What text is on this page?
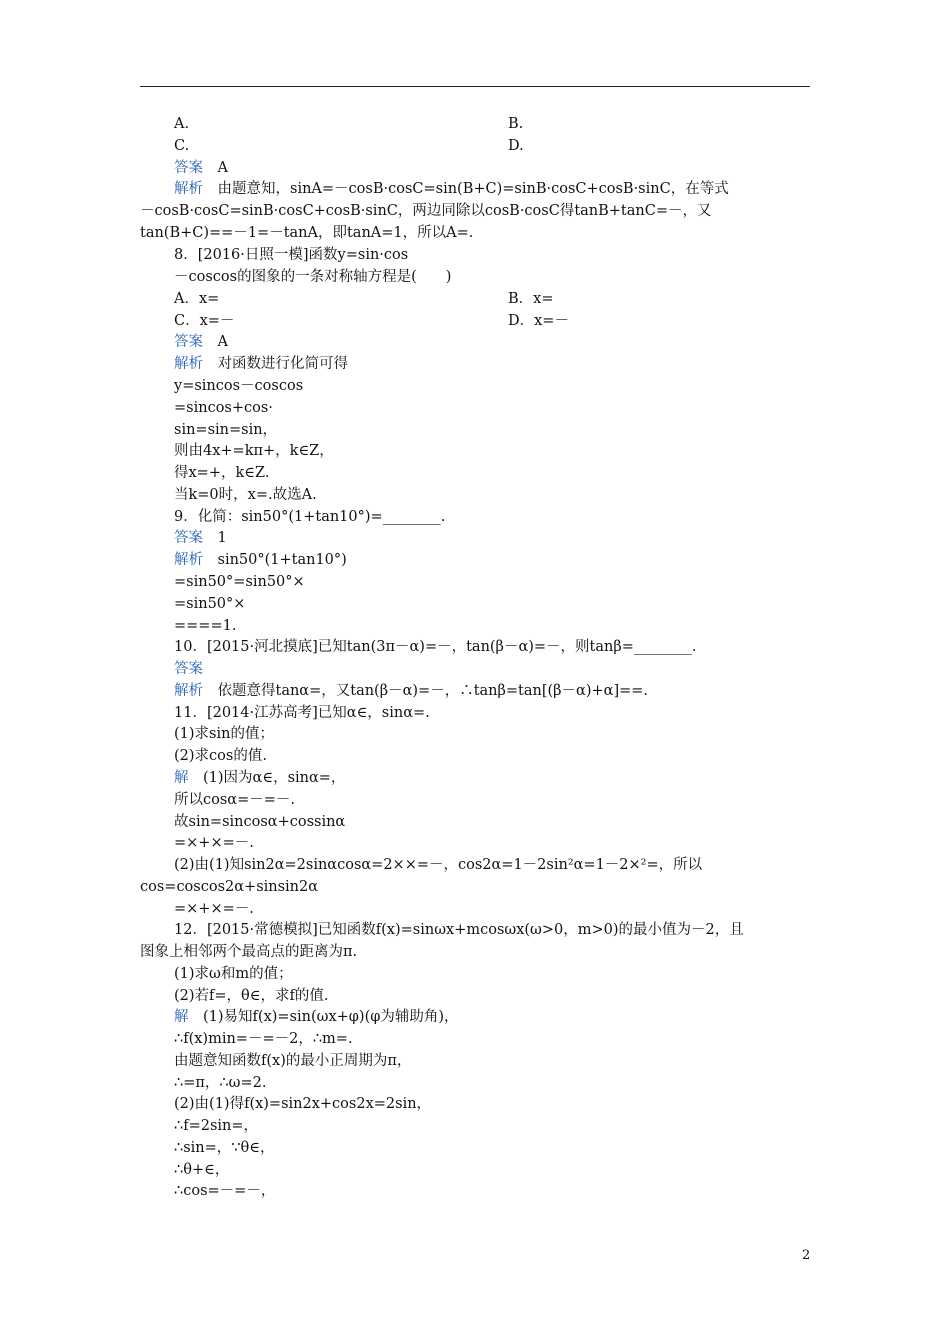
A.	B.
C.	D.
答案　 A
解析　 由题意知，sinA=－cosB·cosC=sin(B+C)=sinB·cosC+cosB·sinC，在等式
－cosB·cosC=sinB·cosC+cosB·sinC，两边同除以cosB·cosC得tanB+tanC=－，又
tan(B+C)==－1=－tanA，即tanA=1，所以A=.
8．[2016·日照一模]函数y=sin·cos
－coscos的图象的一条对称轴方程是(　　)
A．x=	B．x=
C．x=－	D．x=－
答案　 A
解析　 对函数进行化简可得
y=sincos－coscos
=sincos+cos·
sin=sin=sin，
则由4x+=kπ+，k∈Z，
得x=+，k∈Z.
当k=0时，x=.故选A.
9．化简：sin50°(1+tan10°)=________.
答案　 1
解析　 sin50°(1+tan10°)
=sin50°=sin50°×
=sin50°×
====1.
10．[2015·河北摸底]已知tan(3π－α)=－，tan(β－α)=－，则tanβ=________.
答案　
解析　 依题意得tanα=，又tan(β－α)=－，∴tanβ=tan[(β－α)+α]==.
11．[2014·江苏高考]已知α∈，sinα=.
(1)求sin的值；
(2)求cos的值.
解　 (1)因为α∈，sinα=，
所以cosα=－=－.
故sin=sincosα+cossinα
=×+×=－.
(2)由(1)知sin2α=2sinαcosα=2××=－，cos2α=1－2sin²α=1－2×²=，所以
cos=coscos2α+sinsin2α
=×+×=－.
12．[2015·常德模拟]已知函数f(x)=sinωx+mcosωx(ω>0，m>0)的最小值为－2，且
图象上相邻两个最高点的距离为π.
(1)求ω和m的值；
(2)若f=，θ∈，求f的值.
解　 (1)易知f(x)=sin(ωx+φ)(φ为辅助角)，
∴f(x)min=－=－2，∴m=.
由题意知函数f(x)的最小正周期为π，
∴=π，∴ω=2.
(2)由(1)得f(x)=sin2x+cos2x=2sin，
∴f=2sin=，
∴sin=，∵θ∈，
∴θ+∈，
∴cos=－=－，
2
